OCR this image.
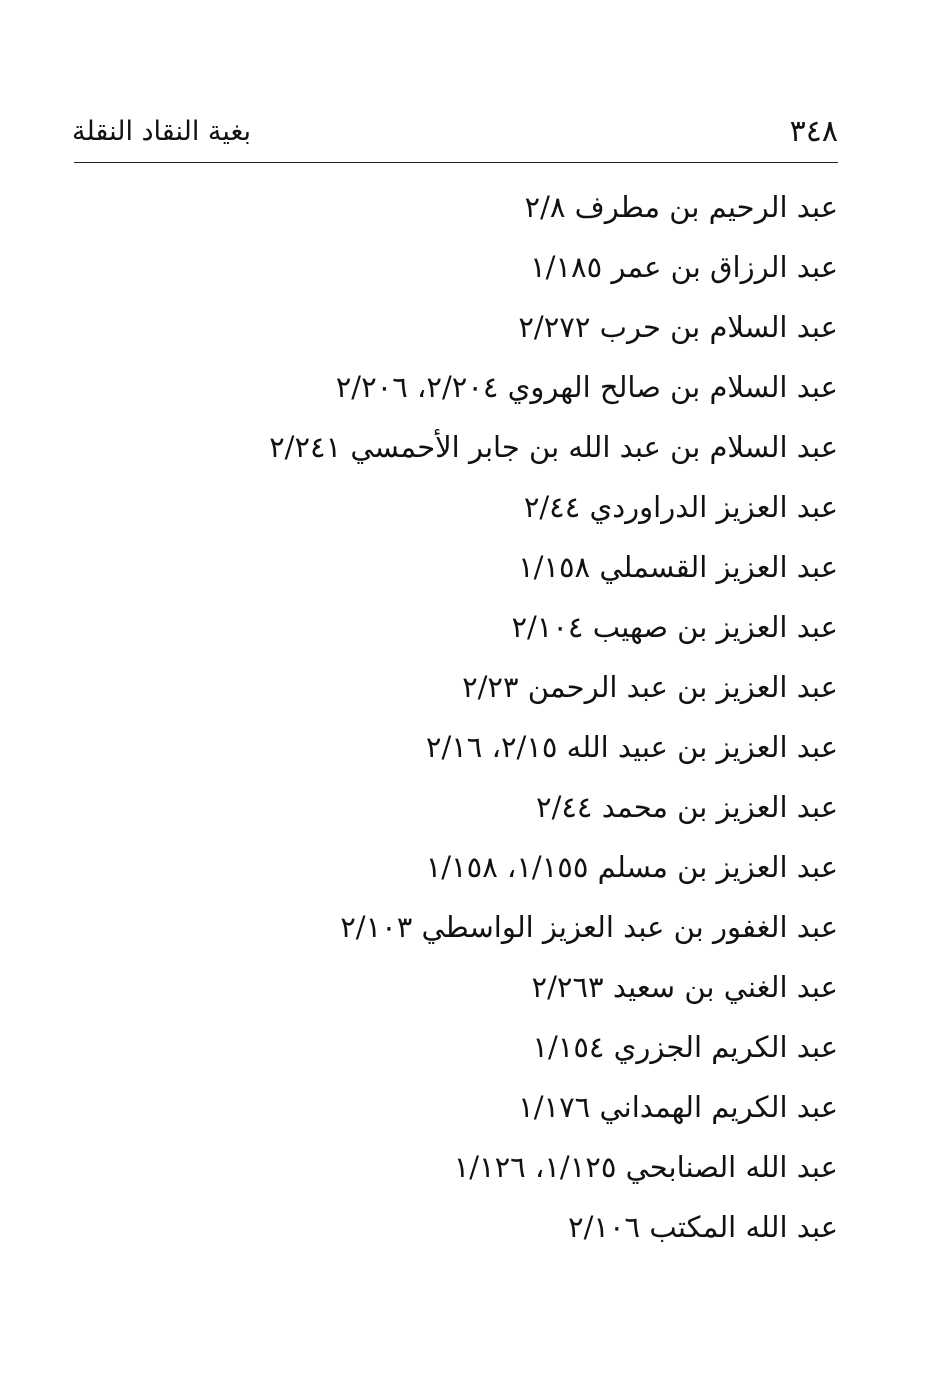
٣٤٨
بغية النقاد النقلة
عبد الرحيم بن مطرف ٢/٨
عبد الرزاق بن عمر ١/١٨٥
عبد السلام بن حرب ٢/٢٧٢
عبد السلام بن صالح الهروي ٢/٢٠٤، ٢/٢٠٦
عبد السلام بن عبد الله بن جابر الأحمسي ٢/٢٤١
عبد العزيز الدراوردي ٢/٤٤
عبد العزيز القسملي ١/١٥٨
عبد العزيز بن صهيب ٢/١٠٤
عبد العزيز بن عبد الرحمن ٢/٢٣
عبد العزيز بن عبيد الله ٢/١٥، ٢/١٦
عبد العزيز بن محمد ٢/٤٤
عبد العزيز بن مسلم ١/١٥٥، ١/١٥٨
عبد الغفور بن عبد العزيز الواسطي ٢/١٠٣
عبد الغني بن سعيد ٢/٢٦٣
عبد الكريم الجزري ١/١٥٤
عبد الكريم الهمداني ١/١٧٦
عبد الله الصنابحي ١/١٢٥، ١/١٢٦
عبد الله المكتب ٢/١٠٦
